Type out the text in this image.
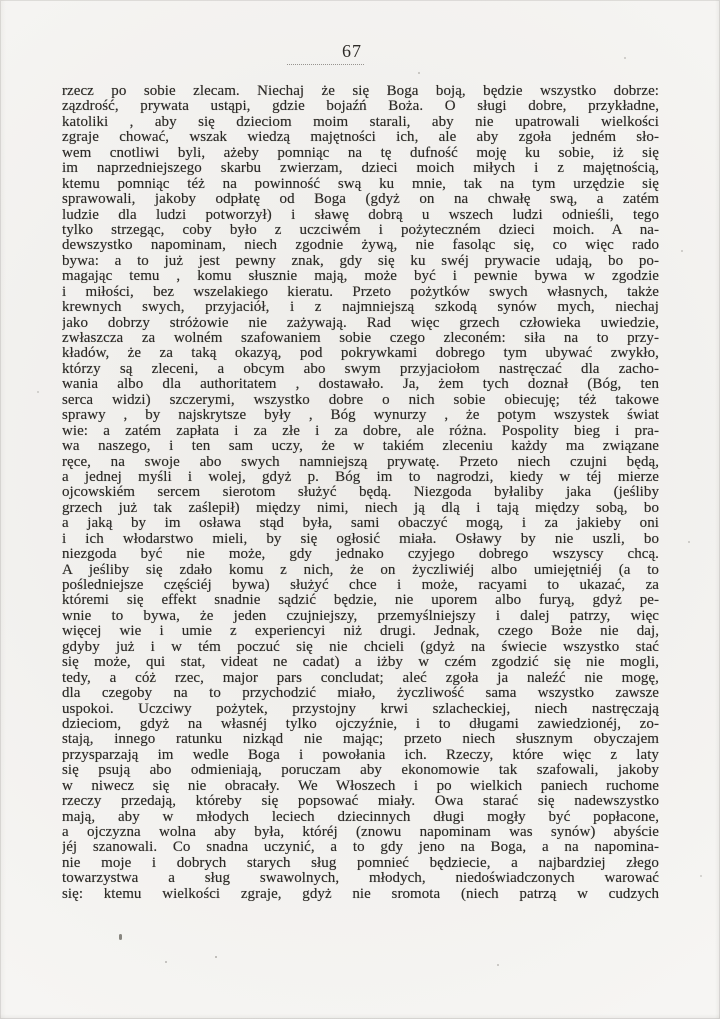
67
rzecz po sobie zlecam. Niechaj że się Boga boją, będzie wszystko dobrze:
zązdrość, prywata ustąpi, gdzie bojaźń Boża. O sługi dobre, przykładne,
katoliki , aby się dzieciom moim starali, aby nie upatrowali wielkości
zgraje chować, wszak wiedzą majętności ich, ale aby zgoła jedném sło-
wem cnotliwi byli, ażeby pomniąc na tę dufność moję ku sobie, iż się
im naprzedniejszego skarbu zwierzam, dzieci moich miłych i z majętnością,
ktemu pomniąc téż na powinność swą ku mnie, tak na tym urzędzie się
sprawowali, jakoby odpłatę od Boga (gdyż on na chwałę swą, a zatém
ludzie dla ludzi potworzył) i sławę dobrą u wszech ludzi odnieśli, tego
tylko strzegąc, coby było z uczciwém i pożyteczném dzieci moich. A na-
dewszystko napominam, niech zgodnie żywą, nie fasoląc się, co więc rado
bywa: a to już jest pewny znak, gdy się ku swéj prywacie udają, bo po-
magając temu , komu słusznie mają, może być i pewnie bywa w zgodzie
i miłości, bez wszelakiego kieratu. Przeto pożytków swych własnych, także
krewnych swych, przyjaciół, i z najmniejszą szkodą synów mych, niechaj
jako dobrzy stróżowie nie zażywają. Rad więc grzech człowieka uwiedzie,
zwłaszcza za wolném szafowaniem sobie czego zleconém: siła na to przy-
kładów, że za taką okazyą, pod pokrywkami dobrego tym ubywać zwykło,
którzy są zleceni, a obcym abo swym przyjaciołom nastręczać dla zacho-
wania albo dla authoritatem , dostawało. Ja, żem tych doznał (Bóg, ten
serca widzi) szczerymi, wszystko dobre o nich sobie obiecuję; téż takowe
sprawy , by najskrytsze były , Bóg wynurzy , że potym wszystek świat
wie: a zatém zapłata i za złe i za dobre, ale różna. Pospolity bieg i pra-
wa naszego, i ten sam uczy, że w takiém zleceniu każdy ma związane
ręce, na swoje abo swych namniejszą prywatę. Przeto niech czujni będą,
a jednej myśli i wolej, gdyż p. Bóg im to nagrodzi, kiedy w téj mierze
ojcowskiém sercem sierotom służyć będą. Niezgoda byłaliby jaka (jeśliby
grzech już tak zaślepił) między nimi, niech ją dlą i tają między sobą, bo
a jaką by im osława stąd była, sami obaczyć mogą, i za jakieby oni
i ich włodarstwo mieli, by się ogłosić miała. Osławy by nie uszli, bo
niezgoda być nie może, gdy jednako czyjego dobrego wszyscy chcą.
A jeśliby się zdało komu z nich, że on życzliwiéj albo umiejętniéj (a to
pośledniejsze częściéj bywa) służyć chce i może, racyami to ukazać, za
któremi się effekt snadnie sądzić będzie, nie uporem albo furyą, gdyż pe-
wnie to bywa, że jeden czujniejszy, przemyślniejszy i dalej patrzy, więc
więcej wie i umie z experiencyi niż drugi. Jednak, czego Boże nie daj,
gdyby już i w tém poczuć się nie chcieli (gdyż na świecie wszystko stać
się może, qui stat, videat ne cadat) a iżby w czém zgodzić się nie mogli,
tedy, a cóż rzec, major pars concludat; aleć zgoła ja naleźć nie mogę,
dla czegoby na to przychodzić miało, życzliwość sama wszystko zawsze
uspokoi. Uczciwy pożytek, przystojny krwi szlacheckiej, niech nastręczają
dzieciom, gdyż na własnéj tylko ojczyźnie, i to długami zawiedzionéj, zo-
stają, innego ratunku nizkąd nie mając; przeto niech słusznym obyczajem
przysparzają im wedle Boga i powołania ich. Rzeczy, które więc z laty
się psują abo odmieniają, poruczam aby ekonomowie tak szafowali, jakoby
w niwecz się nie obracały. We Włoszech i po wielkich paniech ruchome
rzeczy przedają, któreby się popsować miały. Owa starać się nadewszystko
mają, aby w młodych leciech dziecinnych długi mogły być popłacone,
a ojczyzna wolna aby była, któréj (znowu napominam was synów) abyście
jéj szanowali. Co snadna uczynić, a to gdy jeno na Boga, a na napomina-
nie moje i dobrych starych sług pomnieć będziecie, a najbardziej złego
towarzystwa a sług swawolnych, młodych, niedoświadczonych warować
się: ktemu wielkości zgraje, gdyż nie sromota (niech patrzą w cudzych
